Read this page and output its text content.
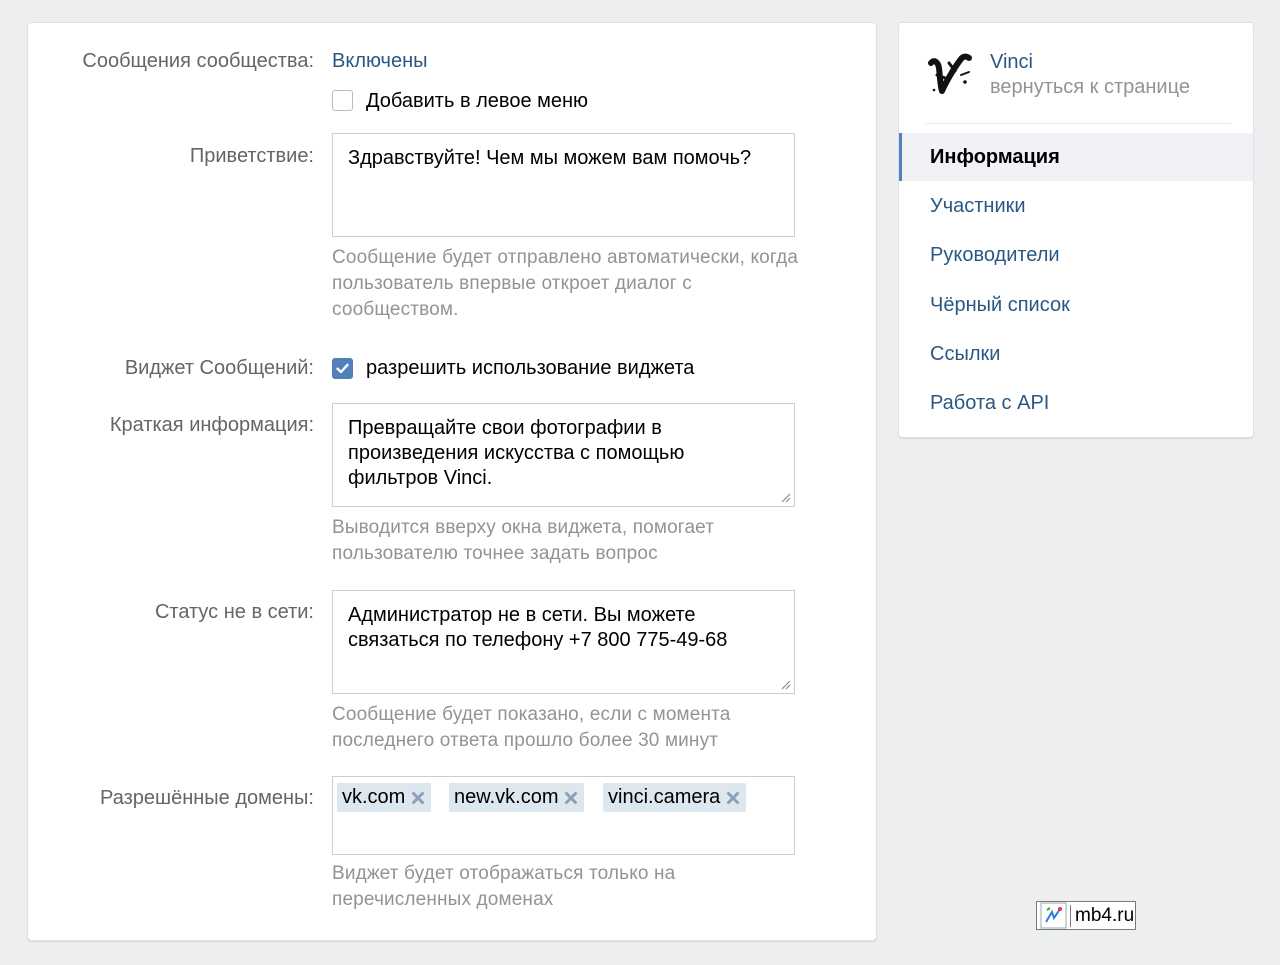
Сообщения сообщества: Включены
Добавить в левое меню
Приветствие:	Здравствуйте! Чем мы можем вам помочь?
Сообщение будет отправлено автоматически, когда
пользователь впервые откроет диалог с
сообществом.
Виджет Сообщений:	разрешить использование виджета
Краткая информация: Превращайте свои фотографии в
произведения искусства с помощью
фильтров Vinci.
Выводится вверху окна виджета, помогает
пользователю точнее задать вопрос
Статус не в сети: Администратор не в сети. Вы можете
связаться по телефону +7 800 775-49-68
Сообщение будет показано, если с момента
последнего ответа прошло более 30 минут
Разрешённые домены: vk.com new.vk.com vinci.camera
Виджет будет отображаться только на
перечисленных доменах
Vinci
вернуться к странице
Информация
Участники
Руководители
Чёрный список
Ссылки
Работа с API
mb4.ru
